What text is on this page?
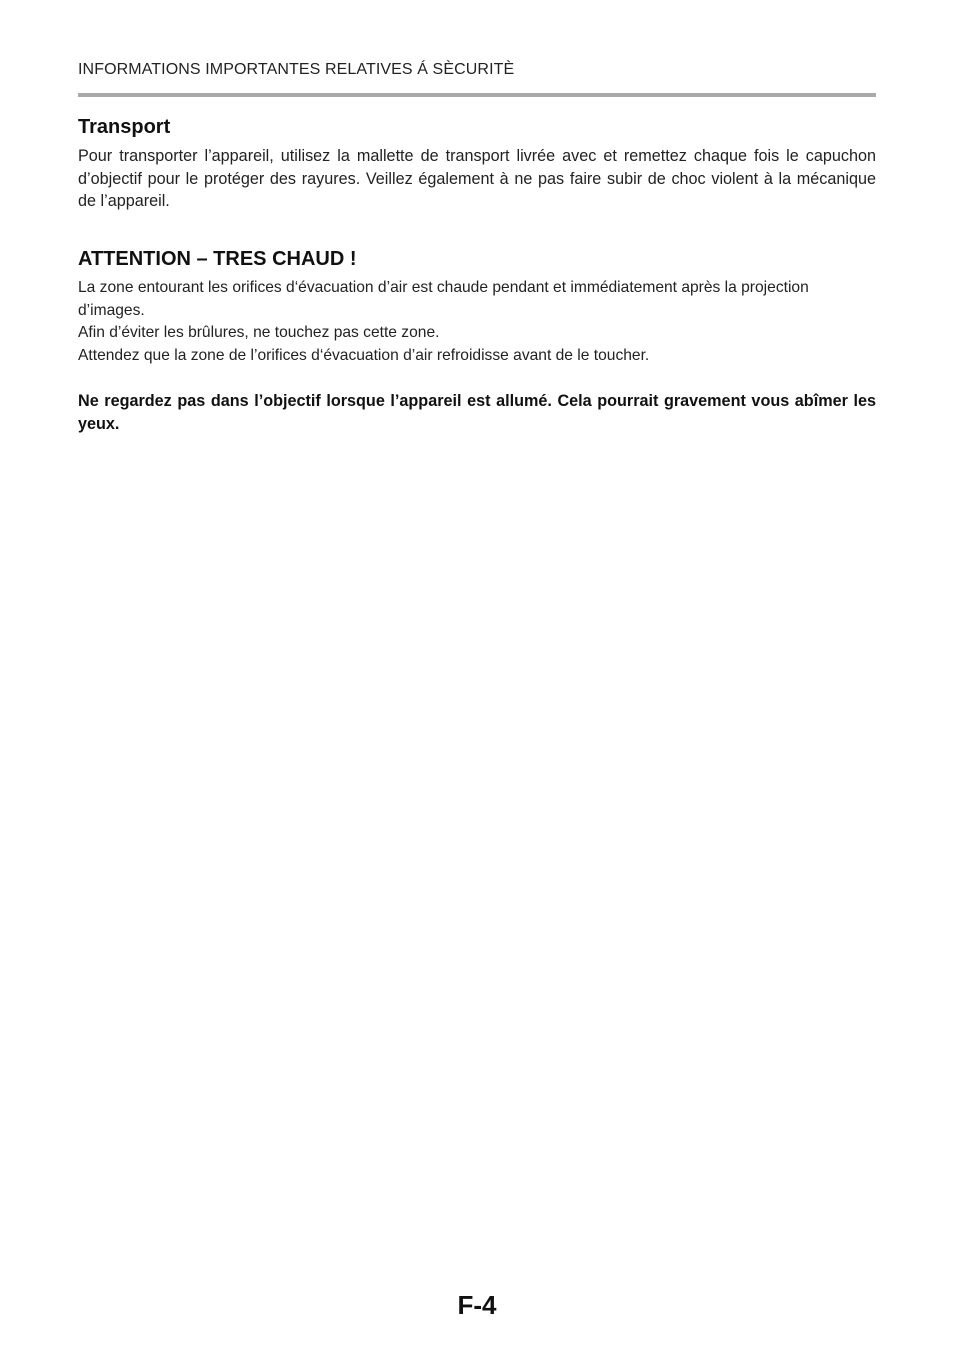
INFORMATIONS IMPORTANTES RELATIVES Á SÈCURITÈ

Transport

Pour transporter l’appareil, utilisez la mallette de transport livrée avec et remettez chaque fois le capuchon d’objectif pour le protéger des rayures. Veillez également à ne pas faire subir de choc violent à la mécanique de l’appareil.

ATTENTION – TRES CHAUD !

La zone entourant les orifices d‘évacuation d’air est chaude pendant et immédiatement après la projection d’images.

Afin d’éviter les brûlures, ne touchez pas cette zone.

Attendez que la zone de l’orifices d‘évacuation d’air refroidisse avant de le toucher.

Ne regardez pas dans l’objectif lorsque l’appareil est allumé. Cela pourrait gravement vous abîmer les yeux.

F-4
